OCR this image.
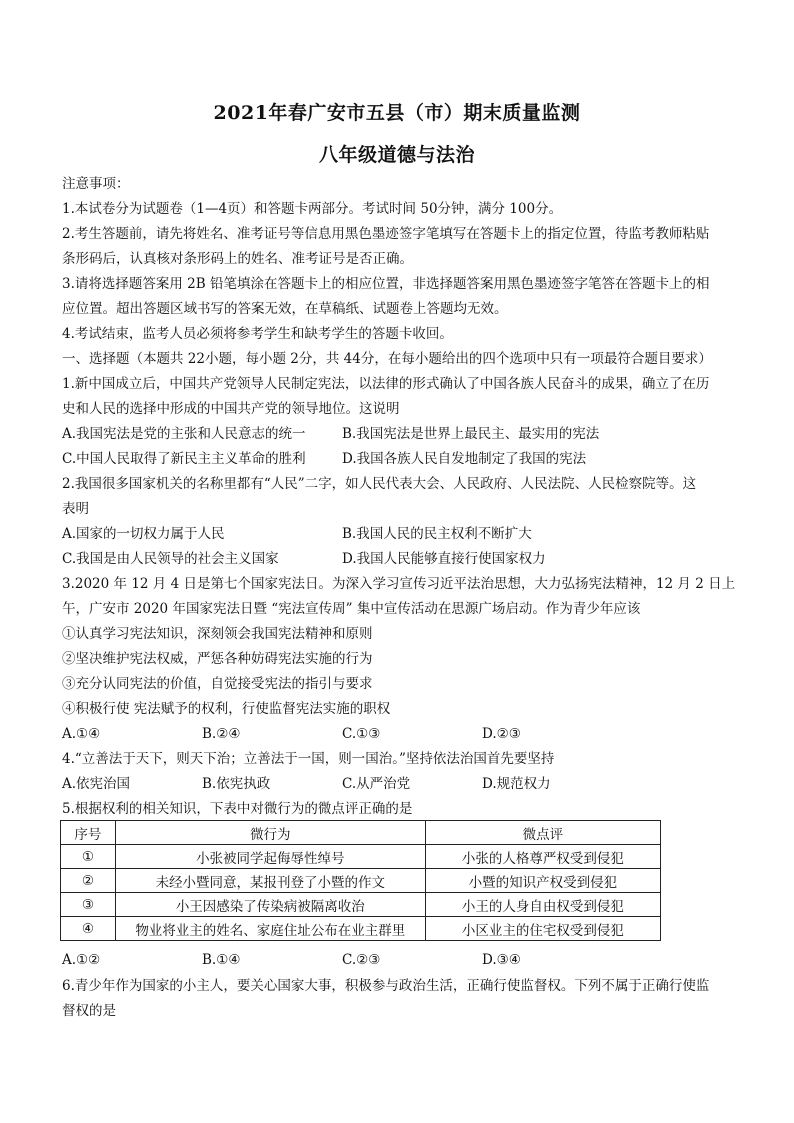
2021年春广安市五县（市）期末质量监测
八年级道德与法治
注意事项：
1.本试卷分为试题卷（1—4页）和答题卡两部分。考试时间 50分钟，满分 100分。
2.考生答题前，请先将姓名、准考证号等信息用黑色墨迹签字笔填写在答题卡上的指定位置，待监考教师粘贴
条形码后，认真核对条形码上的姓名、准考证号是否正确。
3.请将选择题答案用 2B 铅笔填涂在答题卡上的相应位置，非选择题答案用黑色墨迹签字笔答在答题卡上的相
应位置。超出答题区域书写的答案无效，在草稿纸、试题卷上答题均无效。
4.考试结束，监考人员必须将参考学生和缺考学生的答题卡收回。
一、选择题（本题共 22小题，每小题 2分，共 44分，在每小题给出的四个选项中只有一项最符合题目要求）
1.新中国成立后，中国共产党领导人民制定宪法，以法律的形式确认了中国各族人民奋斗的成果，确立了在历
史和人民的选择中形成的中国共产党的领导地位。这说明
A.我国宪法是党的主张和人民意志的统一	B.我国宪法是世界上最民主、最实用的宪法
C.中国人民取得了新民主主义革命的胜利	D.我国各族人民自发地制定了我国的宪法
2.我国很多国家机关的名称里都有“人民”二字，如人民代表大会、人民政府、人民法院、人民检察院等。这
表明
A.国家的一切权力属于人民	B.我国人民的民主权利不断扩大
C.我国是由人民领导的社会主义国家	D.我国人民能够直接行使国家权力
3.2020 年 12 月 4 日是第七个国家宪法日。为深入学习宣传习近平法治思想，大力弘扬宪法精神，12 月 2 日上
午，广安市 2020 年国家宪法日暨 “宪法宣传周” 集中宣传活动在思源广场启动。作为青少年应该
①认真学习宪法知识，深刻领会我国宪法精神和原则
②坚决维护宪法权威，严惩各种妨碍宪法实施的行为
③充分认同宪法的价值，自觉接受宪法的指引与要求
④积极行使 宪法赋予的权利，行使监督宪法实施的职权
A.①④	B.②④	C.①③	D.②③
4.“立善法于天下，则天下治；立善法于一国，则一国治。”坚持依法治国首先要坚持
A.依宪治国	B.依宪执政	C.从严治党	D.规范权力
5.根据权利的相关知识，下表中对微行为的微点评正确的是
序号	微行为	微点评
①	小张被同学起侮辱性绰号	小张的人格尊严权受到侵犯
②	未经小暨同意，某报刊登了小暨的作文	小暨的知识产权受到侵犯
③	小王因感染了传染病被隔离收治	小王的人身自由权受到侵犯
④	物业将业主的姓名、家庭住址公布在业主群里	小区业主的住宅权受到侵犯
A.①②	B.①④	C.②③	D.③④
6.青少年作为国家的小主人，要关心国家大事，积极参与政治生活，正确行使监督权。下列不属于正确行使监
督权的是
